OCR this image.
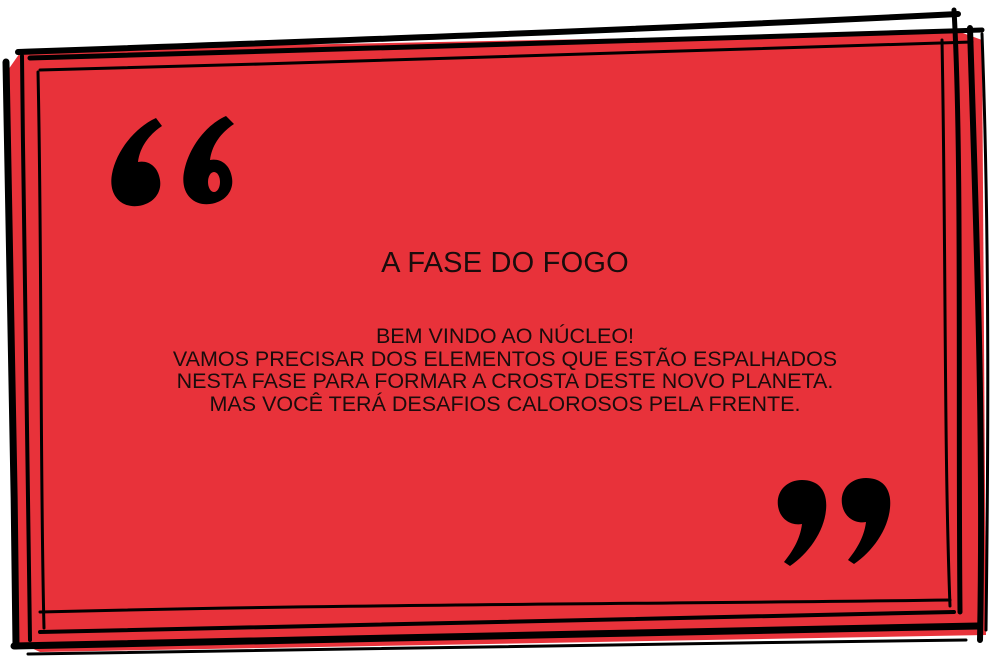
A FASE DO FOGO
BEM VINDO AO NÚCLEO!
VAMOS PRECISAR DOS ELEMENTOS QUE ESTÃO ESPALHADOS
NESTA FASE PARA FORMAR A CROSTA DESTE NOVO PLANETA.
MAS VOCÊ TERÁ DESAFIOS CALOROSOS PELA FRENTE.
